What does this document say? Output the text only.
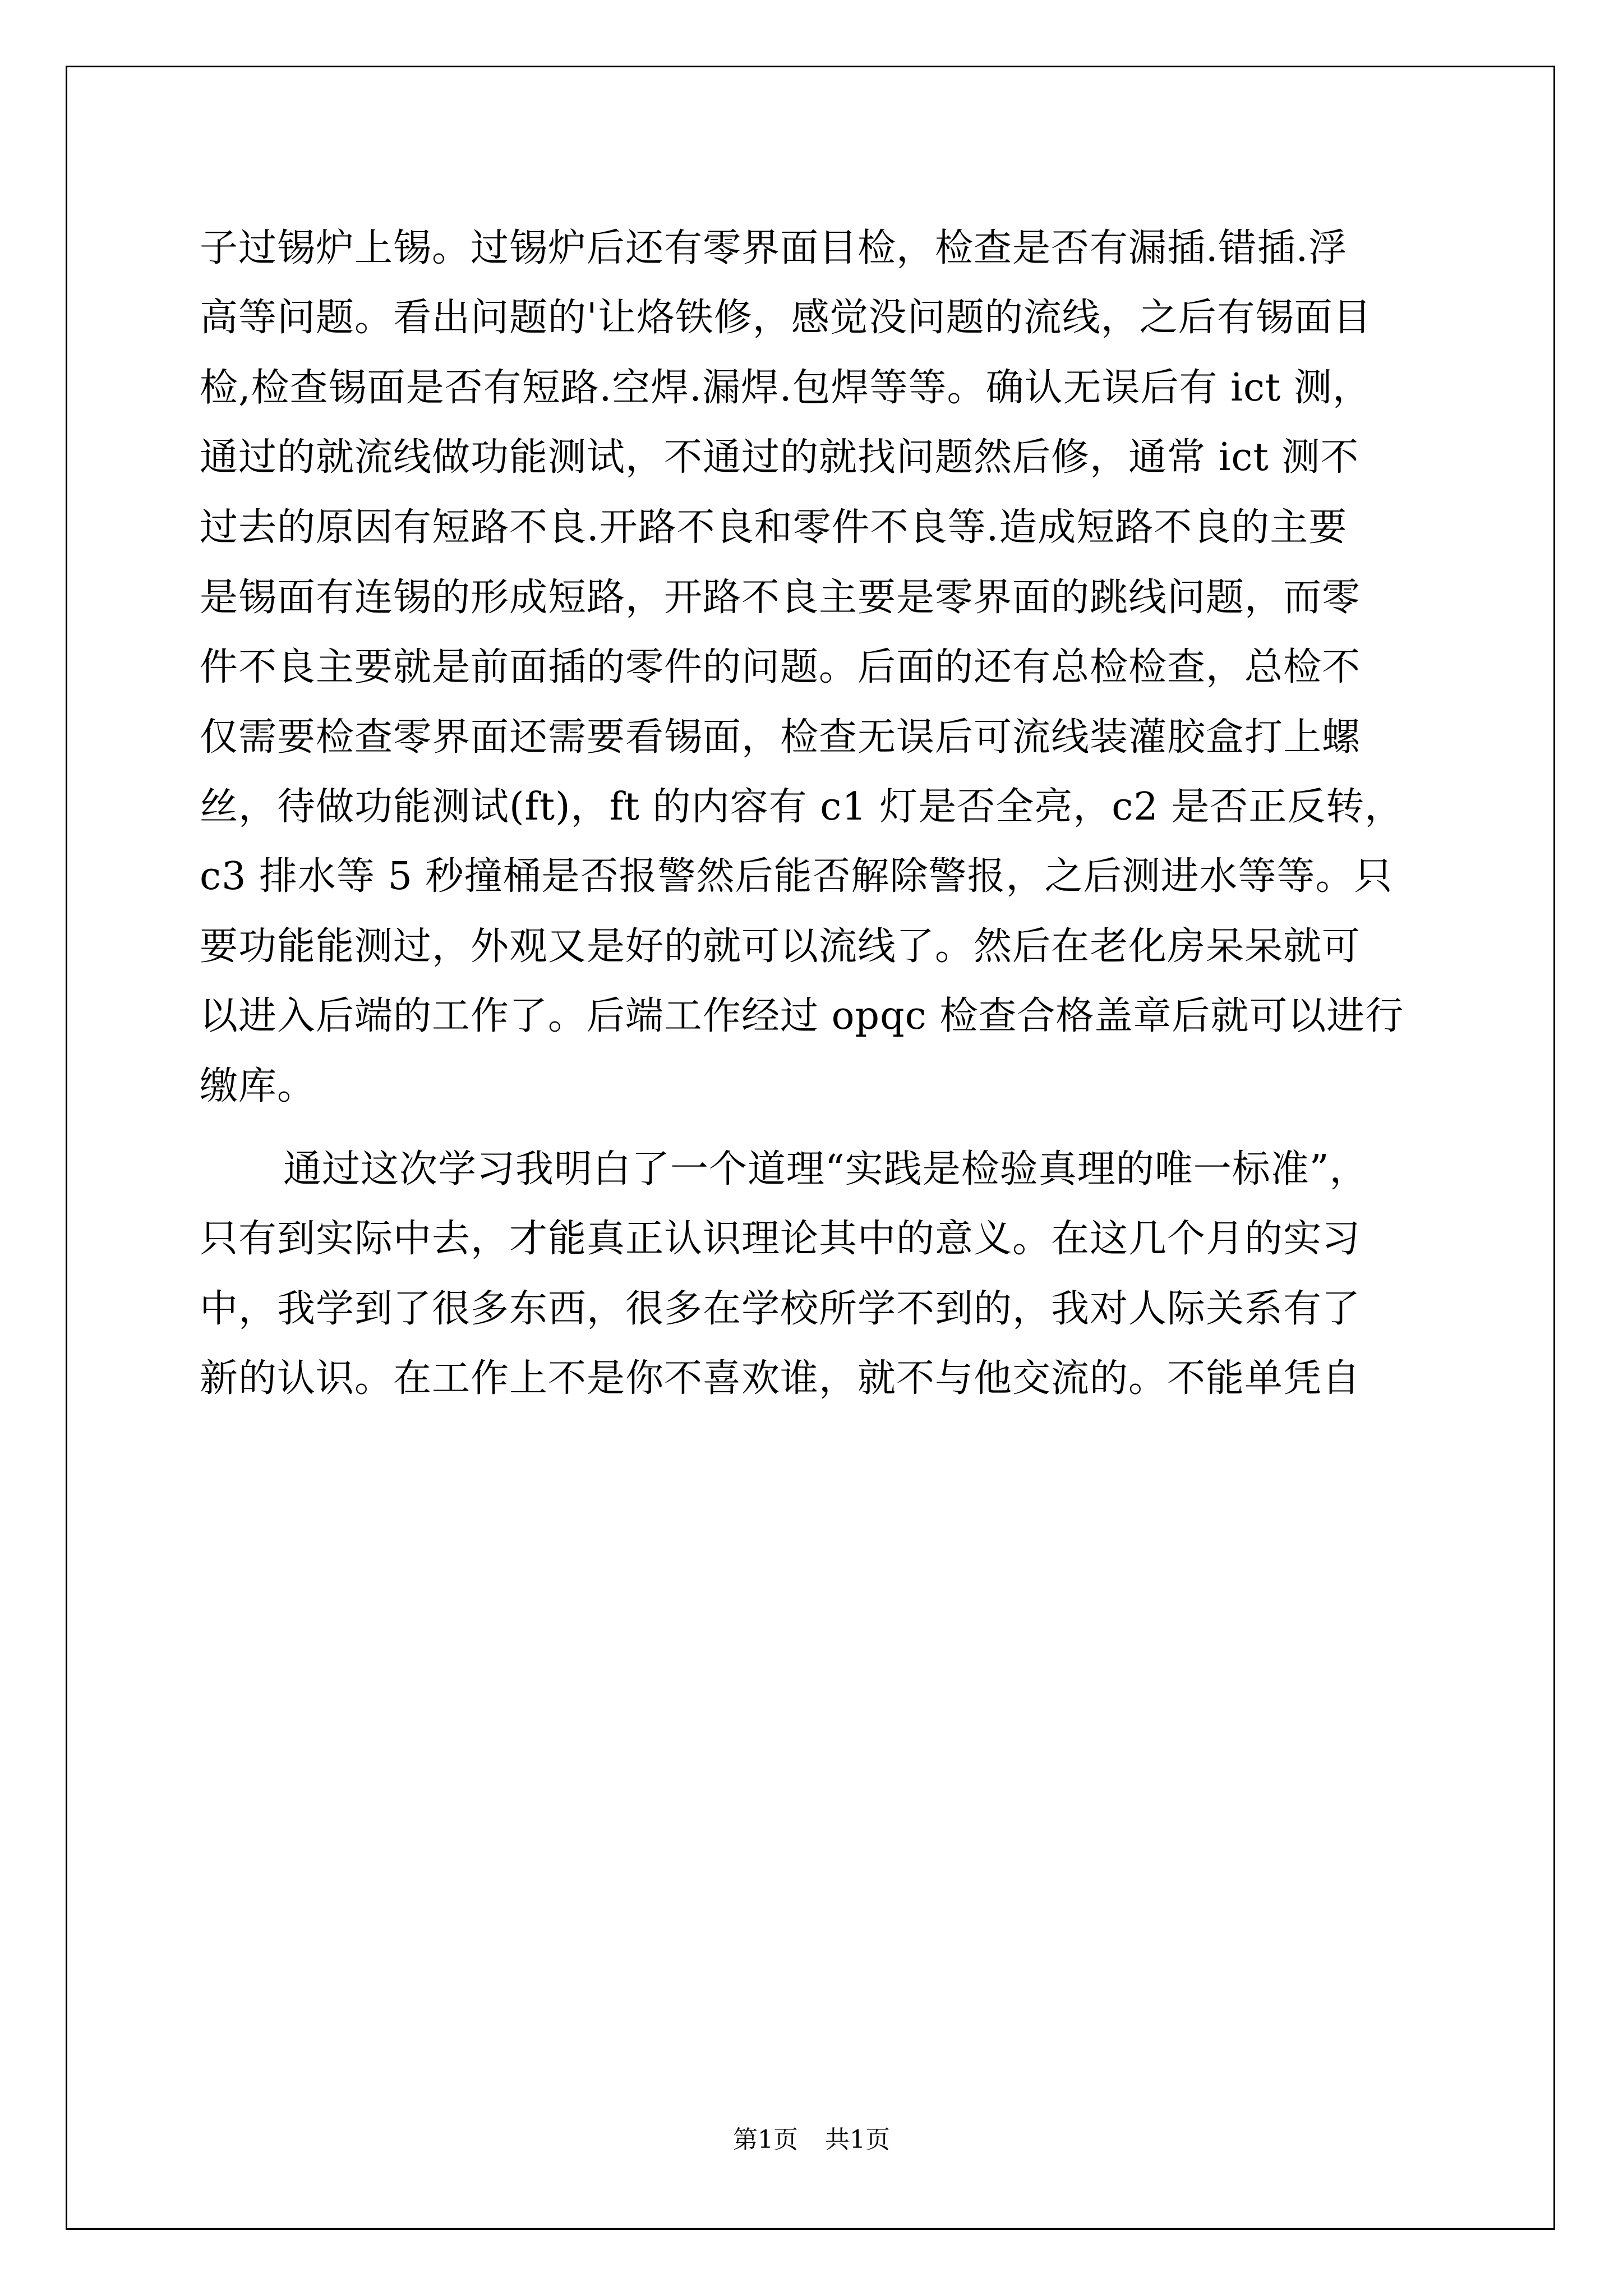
子过锡炉上锡。过锡炉后还有零界面目检，检查是否有漏插.错插.浮
高等问题。看出问题的'让烙铁修，感觉没问题的流线，之后有锡面目
检,检查锡面是否有短路.空焊.漏焊.包焊等等。确认无误后有 ict 测，
通过的就流线做功能测试，不通过的就找问题然后修，通常 ict 测不
过去的原因有短路不良.开路不良和零件不良等.造成短路不良的主要
是锡面有连锡的形成短路，开路不良主要是零界面的跳线问题，而零
件不良主要就是前面插的零件的问题。后面的还有总检检查，总检不
仅需要检查零界面还需要看锡面，检查无误后可流线装灌胶盒打上螺
丝，待做功能测试(ft)，ft 的内容有 c1 灯是否全亮，c2 是否正反转，
c3 排水等 5 秒撞桶是否报警然后能否解除警报，之后测进水等等。只
要功能能测过，外观又是好的就可以流线了。然后在老化房呆呆就可
以进入后端的工作了。后端工作经过 opqc 检查合格盖章后就可以进行
缴库。
通过这次学习我明白了一个道理“实践是检验真理的唯一标准”，
只有到实际中去，才能真正认识理论其中的意义。在这几个月的实习
中，我学到了很多东西，很多在学校所学不到的，我对人际关系有了
新的认识。在工作上不是你不喜欢谁，就不与他交流的。不能单凭自
第1页 共1页
